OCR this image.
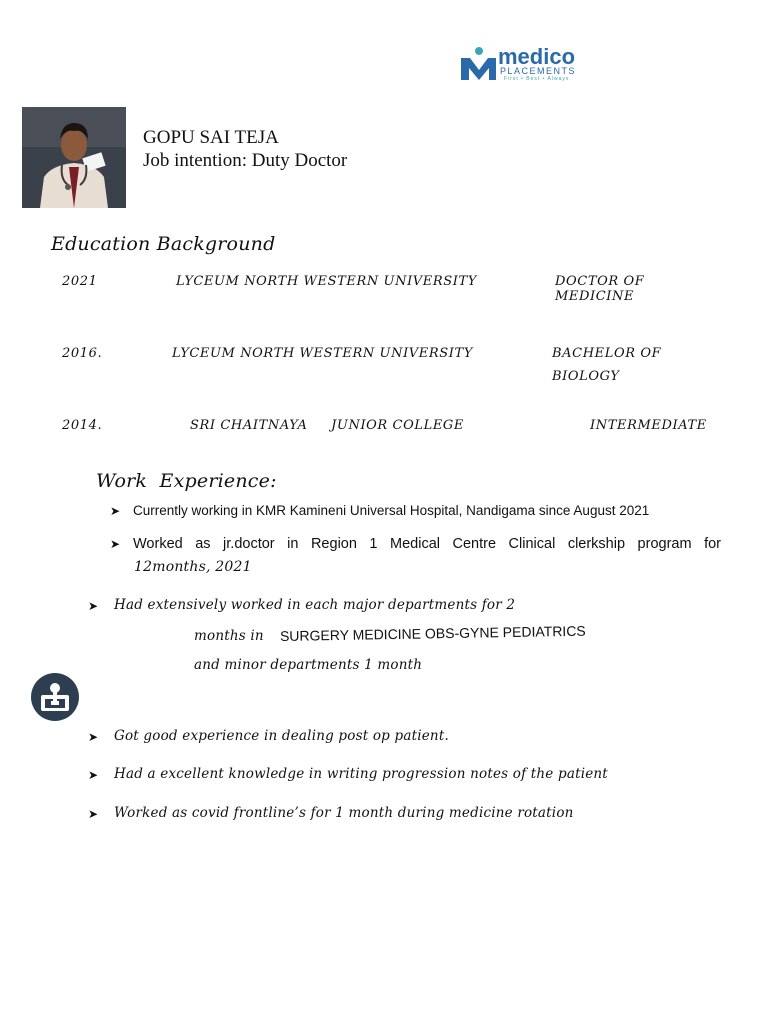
medico
PLACEMENTS
First • Best • Always
GOPU SAI TEJA
Job intention: Duty Doctor
Education Background
2021	LYCEUM NORTH WESTERN UNIVERSITY	DOCTOR OF
MEDICINE
2016.	LYCEUM NORTH WESTERN UNIVERSITY	BACHELOR OF
BIOLOGY
2014.	SRI CHAITNAYA     JUNIOR COLLEGE	INTERMEDIATE
Work  Experience:
➤ Currently working in KMR Kamineni Universal Hospital, Nandigama since August 2021
➤ Worked as jr.doctor in Region 1 Medical Centre Clinical clerkship program for
12months, 2021
➤ Had extensively worked in each major departments for 2
months in SURGERY MEDICINE OBS-GYNE PEDIATRICS
and minor departments 1 month
➤ Got good experience in dealing post op patient.
➤ Had a excellent knowledge in writing progression notes of the patient
➤ Worked as covid frontline’s for 1 month during medicine rotation
